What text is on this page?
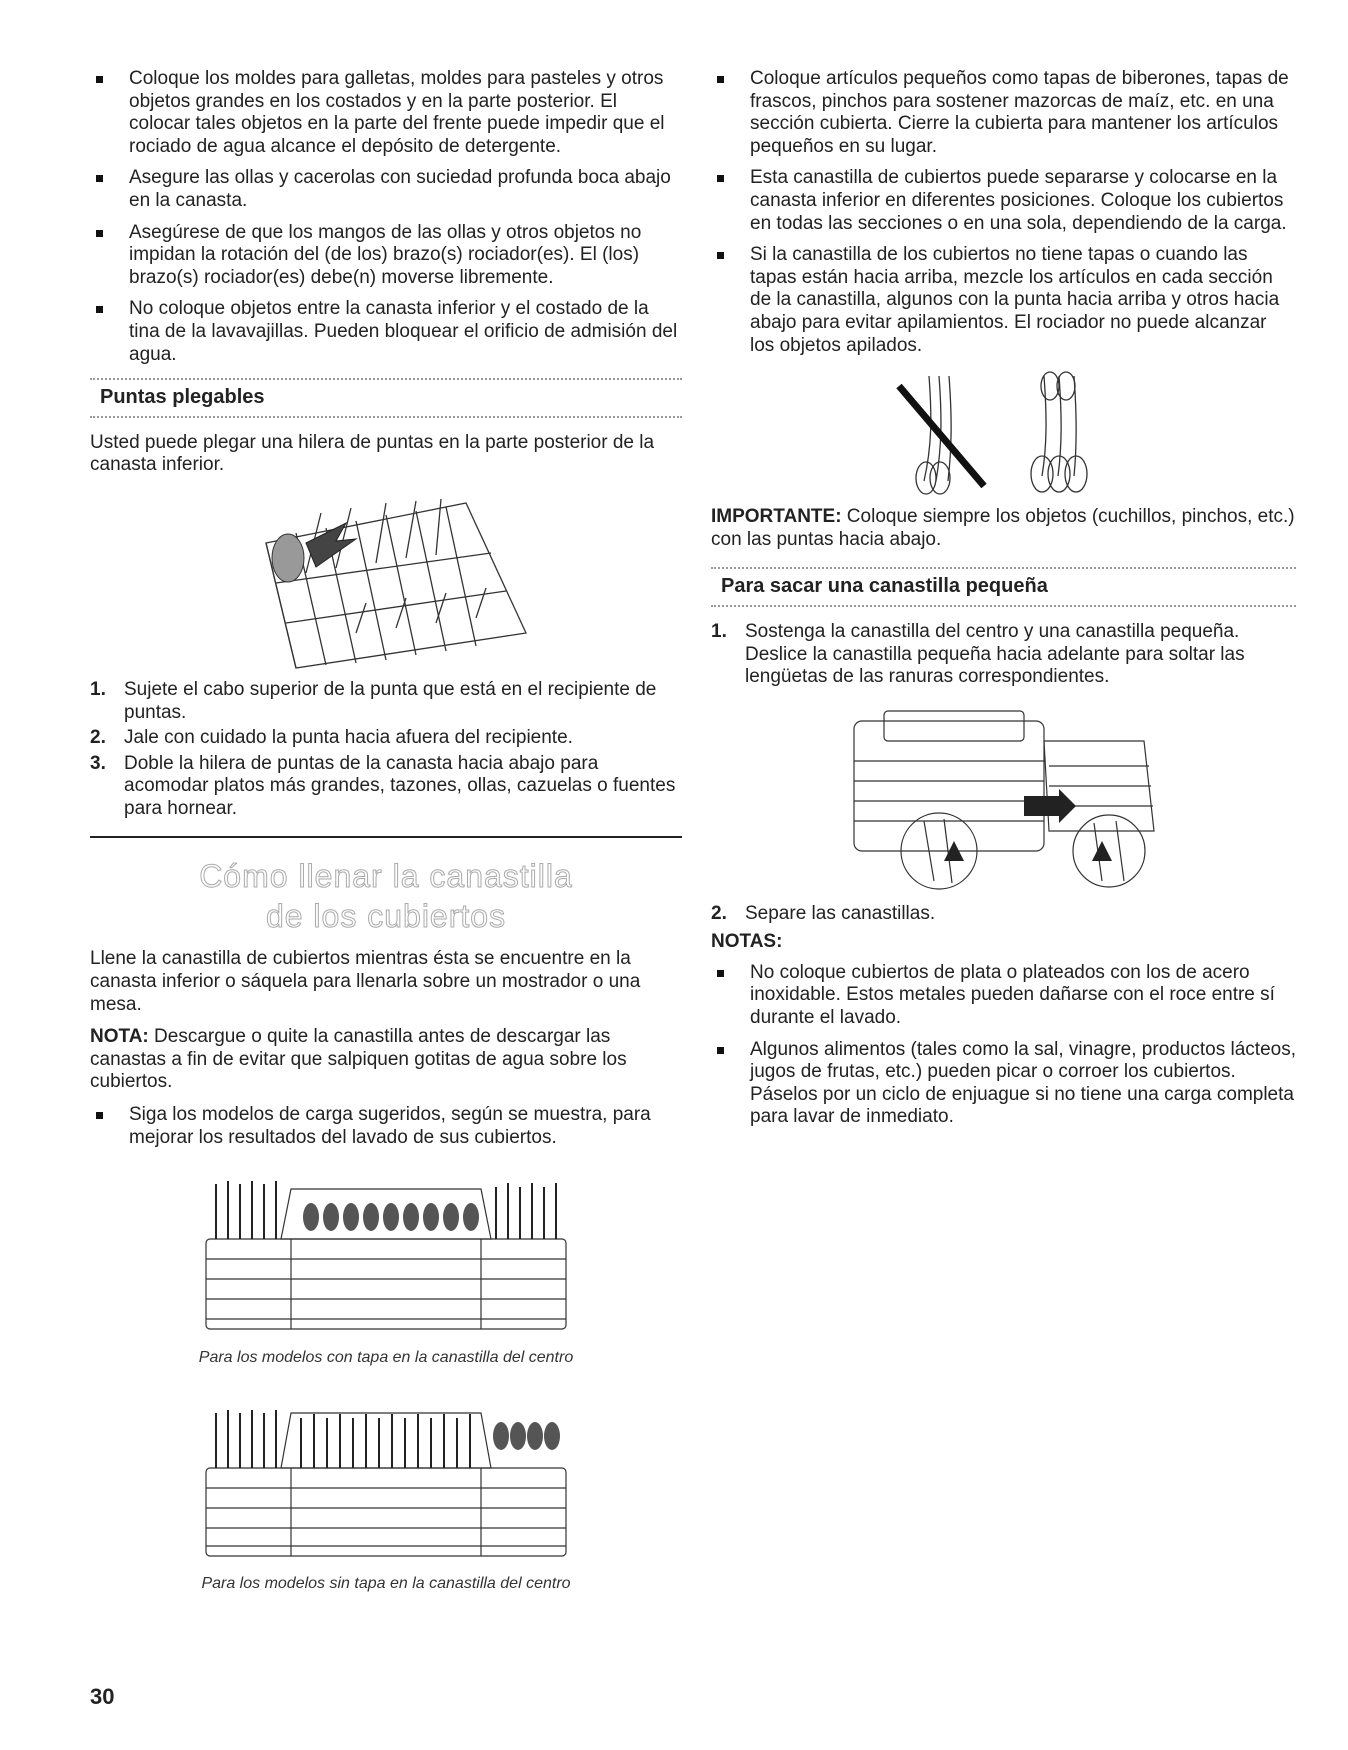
Coloque los moldes para galletas, moldes para pasteles y otros objetos grandes en los costados y en la parte posterior. El colocar tales objetos en la parte del frente puede impedir que el rociado de agua alcance el depósito de detergente.
Asegure las ollas y cacerolas con suciedad profunda boca abajo en la canasta.
Asegúrese de que los mangos de las ollas y otros objetos no impidan la rotación del (de los) brazo(s) rociador(es). El (los) brazo(s) rociador(es) debe(n) moverse libremente.
No coloque objetos entre la canasta inferior y el costado de la tina de la lavavajillas. Pueden bloquear el orificio de admisión del agua.
Puntas plegables

Usted puede plegar una hilera de puntas en la parte posterior de la canasta inferior.

1. Sujete el cabo superior de la punta que está en el recipiente de puntas.
2. Jale con cuidado la punta hacia afuera del recipiente.
3. Doble la hilera de puntas de la canasta hacia abajo para acomodar platos más grandes, tazones, ollas, cazuelas o fuentes para hornear.
Cómo llenar la canastilla
de los cubiertos

Llene la canastilla de cubiertos mientras ésta se encuentre en la canasta inferior o sáquela para llenarla sobre un mostrador o una mesa.

NOTA: Descargue o quite la canastilla antes de descargar las canastas a fin de evitar que salpiquen gotitas de agua sobre los cubiertos.

Siga los modelos de carga sugeridos, según se muestra, para mejorar los resultados del lavado de sus cubiertos.
Para los modelos con tapa en la canastilla del centro
Para los modelos sin tapa en la canastilla del centro
Coloque artículos pequeños como tapas de biberones, tapas de frascos, pinchos para sostener mazorcas de maíz, etc. en una sección cubierta. Cierre la cubierta para mantener los artículos pequeños en su lugar.
Esta canastilla de cubiertos puede separarse y colocarse en la canasta inferior en diferentes posiciones. Coloque los cubiertos en todas las secciones o en una sola, dependiendo de la carga.
Si la canastilla de los cubiertos no tiene tapas o cuando las tapas están hacia arriba, mezcle los artículos en cada sección de la canastilla, algunos con la punta hacia arriba y otros hacia abajo para evitar apilamientos. El rociador no puede alcanzar los objetos apilados.

IMPORTANTE: Coloque siempre los objetos (cuchillos, pinchos, etc.) con las puntas hacia abajo.

Para sacar una canastilla pequeña
1. Sostenga la canastilla del centro y una canastilla pequeña. Deslice la canastilla pequeña hacia adelante para soltar las lengüetas de las ranuras correspondientes.
2. Separe las canastillas.

NOTAS:

No coloque cubiertos de plata o plateados con los de acero inoxidable. Estos metales pueden dañarse con el roce entre sí durante el lavado.
Algunos alimentos (tales como la sal, vinagre, productos lácteos, jugos de frutas, etc.) pueden picar o corroer los cubiertos. Páselos por un ciclo de enjuague si no tiene una carga completa para lavar de inmediato.
30
